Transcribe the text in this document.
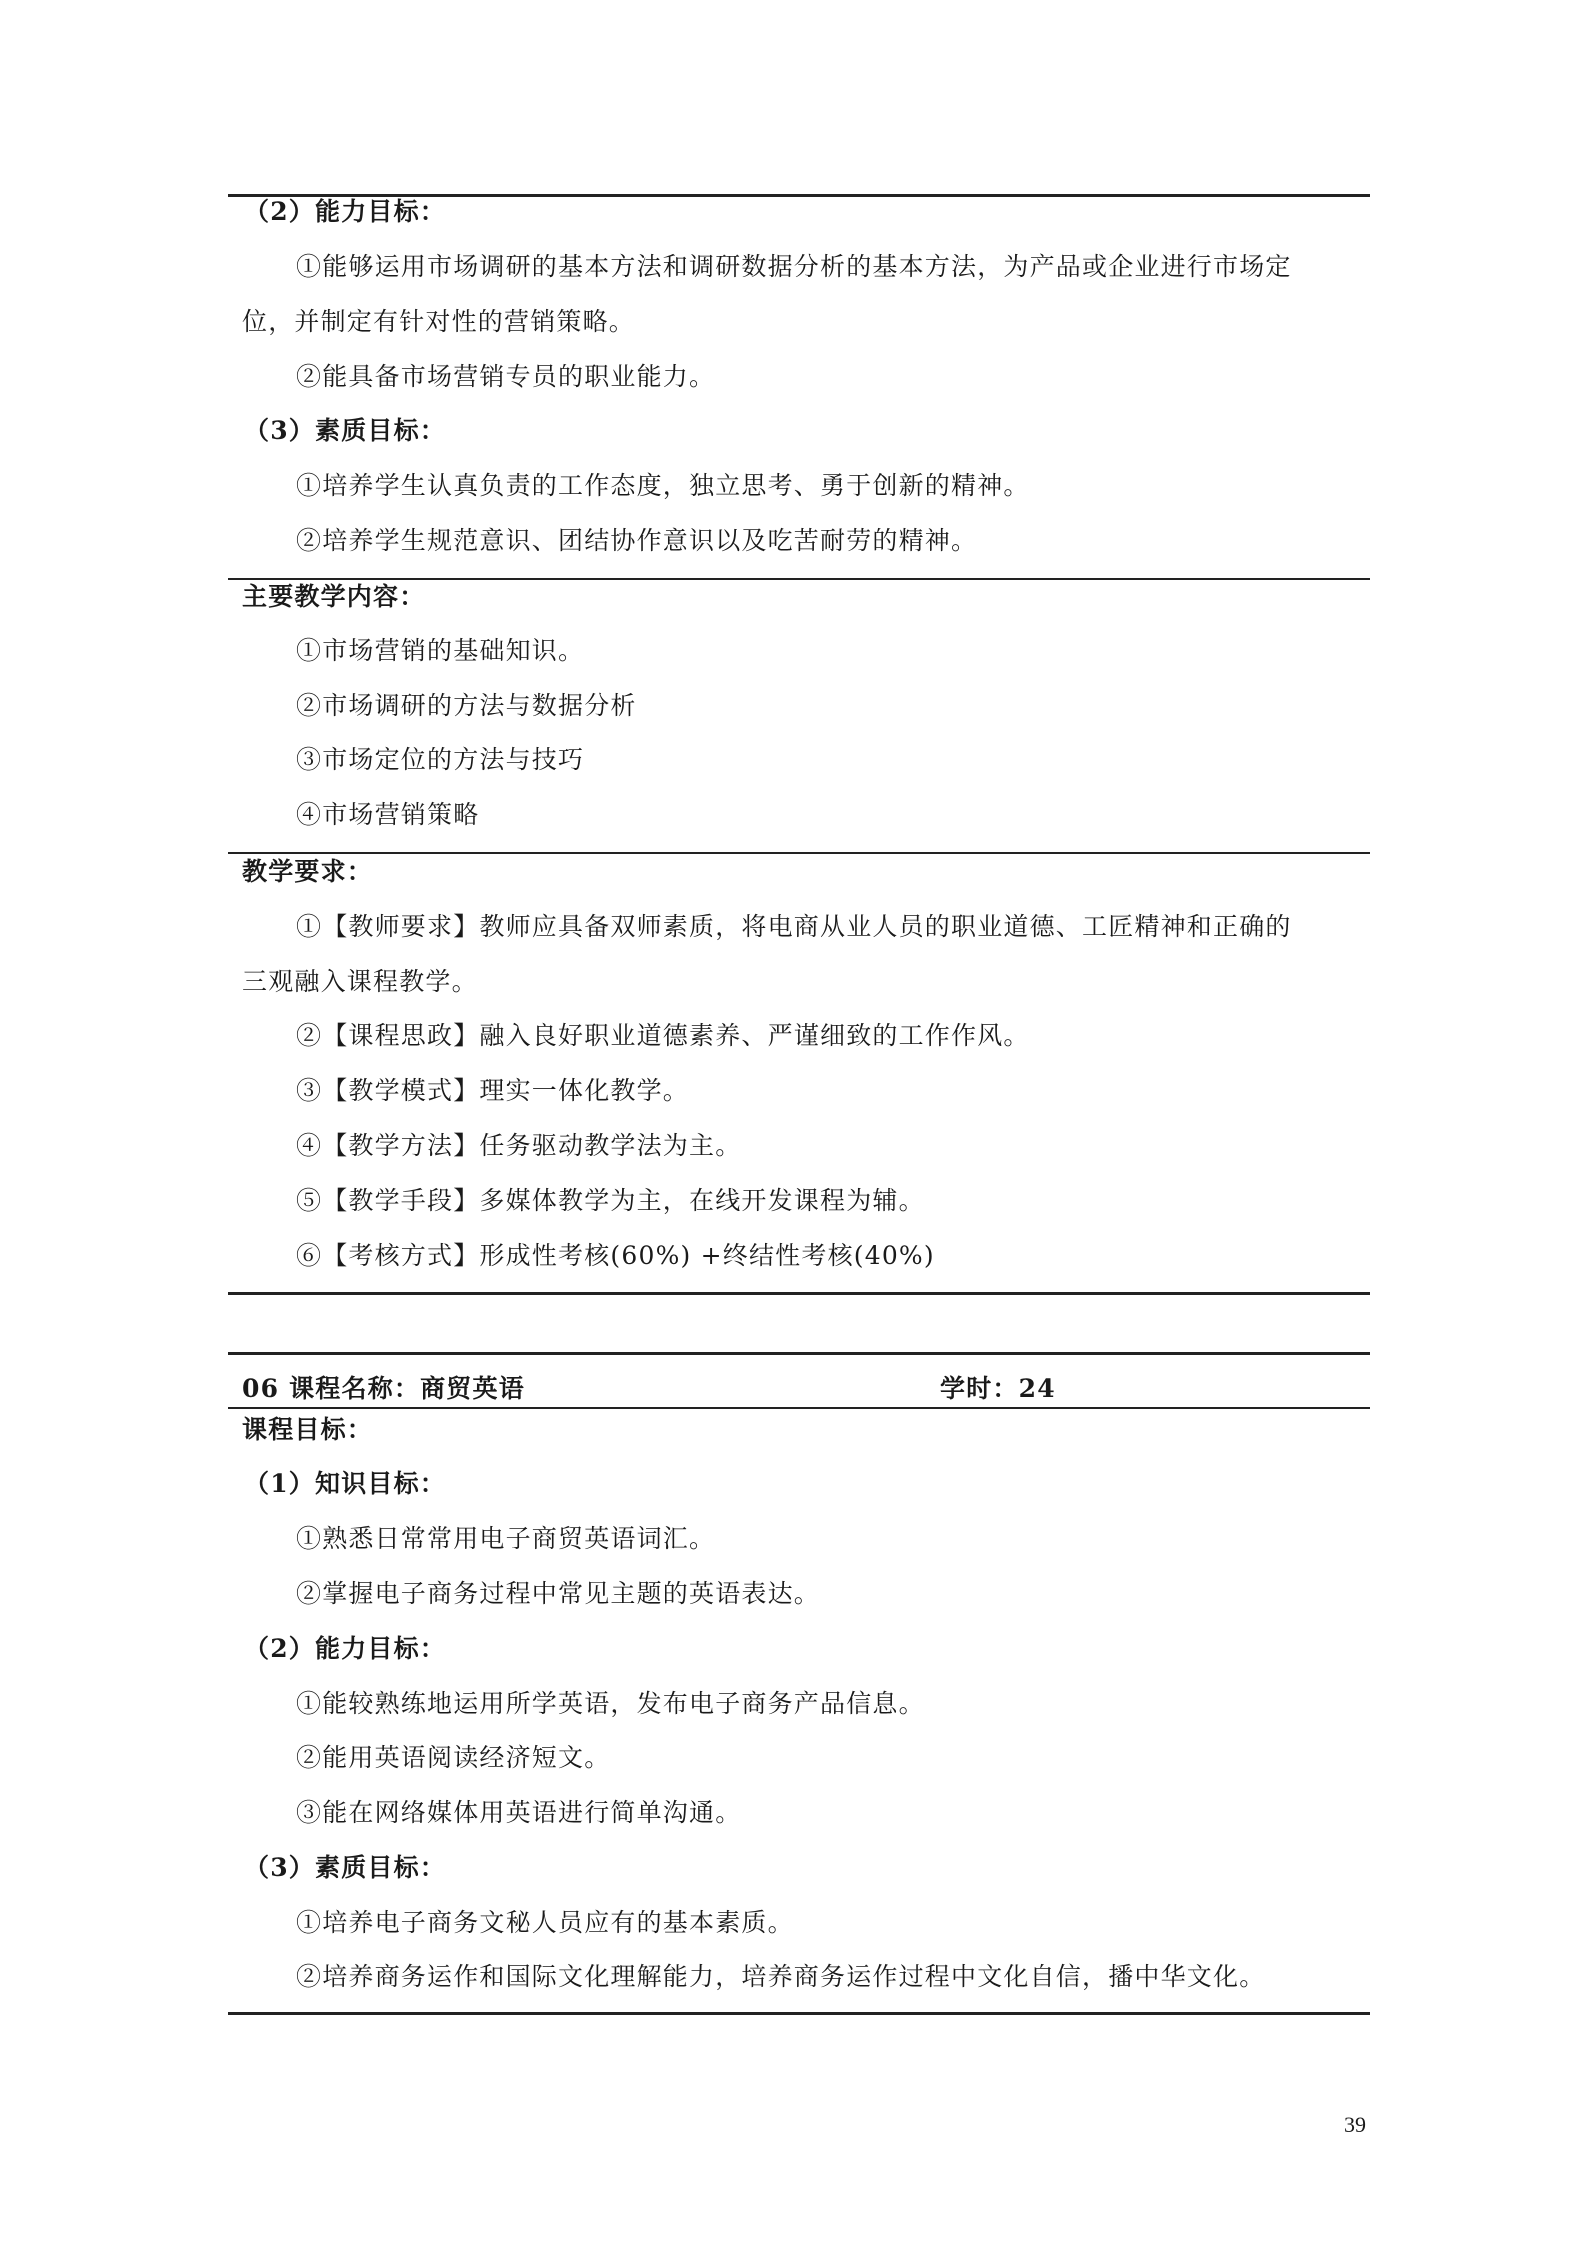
（2）能力目标：
①能够运用市场调研的基本方法和调研数据分析的基本方法，为产品或企业进行市场定
位，并制定有针对性的营销策略。
②能具备市场营销专员的职业能力。
（3）素质目标：
①培养学生认真负责的工作态度，独立思考、勇于创新的精神。
②培养学生规范意识、团结协作意识以及吃苦耐劳的精神。
主要教学内容：
①市场营销的基础知识。
②市场调研的方法与数据分析
③市场定位的方法与技巧
④市场营销策略
教学要求：
①【教师要求】教师应具备双师素质，将电商从业人员的职业道德、工匠精神和正确的
三观融入课程教学。
②【课程思政】融入良好职业道德素养、严谨细致的工作作风。
③【教学模式】理实一体化教学。
④【教学方法】任务驱动教学法为主。
⑤【教学手段】多媒体教学为主，在线开发课程为辅。
⑥【考核方式】形成性考核(60%) +终结性考核(40%)
06 课程名称：商贸英语	学时：24
课程目标：
（1）知识目标：
①熟悉日常常用电子商贸英语词汇。
②掌握电子商务过程中常见主题的英语表达。
（2）能力目标：
①能较熟练地运用所学英语，发布电子商务产品信息。
②能用英语阅读经济短文。
③能在网络媒体用英语进行简单沟通。
（3）素质目标：
①培养电子商务文秘人员应有的基本素质。
②培养商务运作和国际文化理解能力，培养商务运作过程中文化自信，播中华文化。
39
